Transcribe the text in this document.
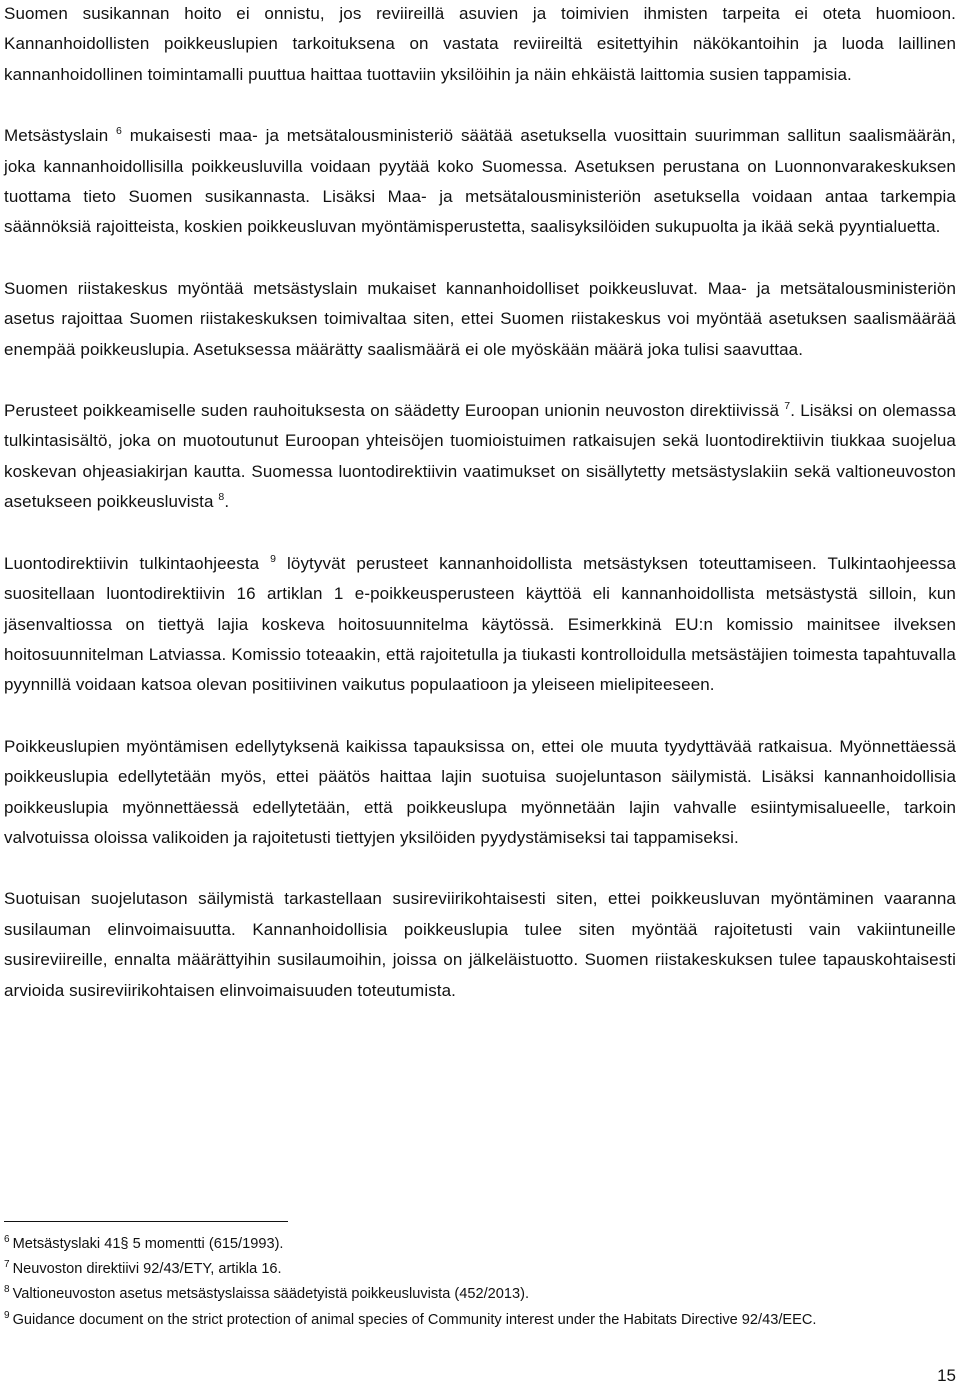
Suomen susikannan hoito ei onnistu, jos reviireillä asuvien ja toimivien ihmisten tarpeita ei oteta huomioon. Kannanhoidollisten poikkeuslupien tarkoituksena on vastata reviireiltä esitettyihin näkökantoihin ja luoda laillinen kannanhoidollinen toimintamalli puuttua haittaa tuottaviin yksilöihin ja näin ehkäistä laittomia susien tappamisia.

Metsästyslain $^6$ mukaisesti maa- ja metsätalousministeriö säätää asetuksella vuosittain suurimman sallitun saalismäärän, joka kannanhoidollisilla poikkeusluvilla voidaan pyytää koko Suomessa. Asetuksen perustana on Luonnonvarakeskuksen tuottama tieto Suomen susikannasta. Lisäksi Maa- ja metsätalousministeriön asetuksella voidaan antaa tarkempia säännöksiä rajoitteista, koskien poikkeusluvan myöntämisperustetta, saalisyksilöiden sukupuolta ja ikää sekä pyyntialuetta.

Suomen riistakeskus myöntää metsästyslain mukaiset kannanhoidolliset poikkeusluvat. Maa- ja metsätalousministeriön asetus rajoittaa Suomen riistakeskuksen toimivaltaa siten, ettei Suomen riistakeskus voi myöntää asetuksen saalismäärää enempää poikkeuslupia. Asetuksessa määrätty saalismäärä ei ole myöskään määrä joka tulisi saavuttaa.

Perusteet poikkeamiselle suden rauhoituksesta on säädetty Euroopan unionin neuvoston direktiivissä $^7$. Lisäksi on olemassa tulkintasisältö, joka on muotoutunut Euroopan yhteisöjen tuomioistuimen ratkaisujen sekä luontodirektiivin tiukkaa suojelua koskevan ohjeasiakirjan kautta. Suomessa luontodirektiivin vaatimukset on sisällytetty metsästyslakiin sekä valtioneuvoston asetukseen poikkeusluvista $^8$.

Luontodirektiivin tulkintaohjeesta $^9$ löytyvät perusteet kannanhoidollista metsästyksen toteuttamiseen. Tulkintaohjeessa suositellaan luontodirektiivin 16 artiklan 1 e-poikkeusperusteen käyttöä eli kannanhoidollista metsästystä silloin, kun jäsenvaltiossa on tiettyä lajia koskeva hoitosuunnitelma käytössä. Esimerkkinä EU:n komissio mainitsee ilveksen hoitosuunnitelman Latviassa. Komissio toteaakin, että rajoitetulla ja tiukasti kontrolloidulla metsästäjien toimesta tapahtuvalla pyynnillä voidaan katsoa olevan positiivinen vaikutus populaatioon ja yleiseen mielipiteeseen.

Poikkeuslupien myöntämisen edellytyksenä kaikissa tapauksissa on, ettei ole muuta tyydyttävää ratkaisua. Myönnettäessä poikkeuslupia edellytetään myös, ettei päätös haittaa lajin suotuisa suojeluntason säilymistä. Lisäksi kannanhoidollisia poikkeuslupia myönnettäessä edellytetään, että poikkeuslupa myönnetään lajin vahvalle esiintymisalueelle, tarkoin valvotuissa oloissa valikoiden ja rajoitetusti tiettyjen yksilöiden pyydystämiseksi tai tappamiseksi.

Suotuisan suojelutason säilymistä tarkastellaan susireviirikohtaisesti siten, ettei poikkeusluvan myöntäminen vaaranna susilauman elinvoimaisuutta. Kannanhoidollisia poikkeuslupia tulee siten myöntää rajoitetusti vain vakiintuneille susireviireille, ennalta määrättyihin susilaumoihin, joissa on jälkeläistuotto. Suomen riistakeskuksen tulee tapauskohtaisesti arvioida susireviirikohtaisen elinvoimaisuuden toteutumista.

$^6$ Metsästyslaki 41§ 5 momentti (615/1993).

$^7$ Neuvoston direktiivi 92/43/ETY, artikla 16.

$^8$ Valtioneuvoston asetus metsästyslaissa säädetyistä poikkeusluvista (452/2013).

$^9$ Guidance document on the strict protection of animal species of Community interest under the Habitats Directive 92/43/EEC.

15
